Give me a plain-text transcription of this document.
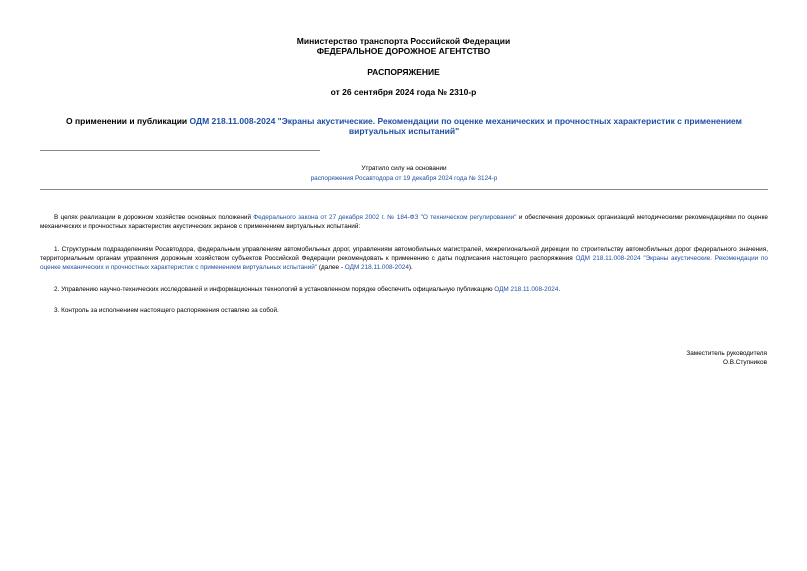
Министерство транспорта Российской Федерации
ФЕДЕРАЛЬНОЕ ДОРОЖНОЕ АГЕНТСТВО
РАСПОРЯЖЕНИЕ
от 26 сентября 2024 года № 2310-р
О применении и публикации ОДМ 218.11.008-2024 "Экраны акустические. Рекомендации по оценке механических и прочностных характеристик с применением виртуальных испытаний"
Утратило силу на основании
распоряжения Росавтодора от 19 декабря 2024 года № 3124-р
В целях реализации в дорожном хозяйстве основных положений Федерального закона от 27 декабря 2002 г. № 184-ФЗ "О техническом регулировании" и обеспечения дорожных организаций методическими рекомендациями по оценке механических и прочностных характеристик акустических экранов с применением виртуальных испытаний:
1. Структурным подразделениям Росавтодора, федеральным управлениям автомобильных дорог, управлениям автомобильных магистралей, межрегиональной дирекции по строительству автомобильных дорог федерального значения, территориальным органам управления дорожным хозяйством субъектов Российской Федерации рекомендовать к применению с даты подписания настоящего распоряжения ОДМ 218.11.008-2024 "Экраны акустические. Рекомендации по оценке механических и прочностных характеристик с применением виртуальных испытаний" (далее - ОДМ 218.11.008-2024).
2. Управлению научно-технических исследований и информационных технологий в установленном порядке обеспечить официальную публикацию ОДМ 218.11.008-2024.
3. Контроль за исполнением настоящего распоряжения оставляю за собой.
Заместитель руководителя
О.В.Ступников
